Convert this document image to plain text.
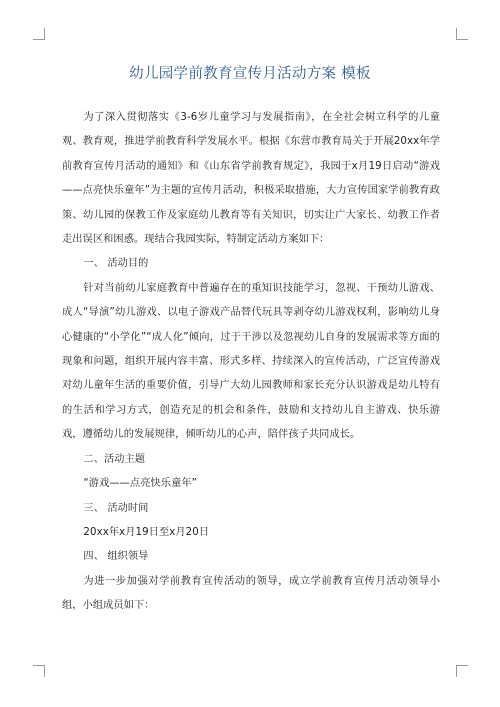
幼儿园学前教育宣传月活动方案 模板

为了深入贯彻落实《3-6岁儿童学习与发展指南》，在全社会树立科学的儿童观、教育观，推进学前教育科学发展水平。根据《东营市教育局关于开展20xx年学前教育宣传月活动的通知》和《山东省学前教育规定》，我园于x月19日启动“游戏——点亮快乐童年”为主题的宣传月活动，积极采取措施，大力宣传国家学前教育政策、幼儿园的保教工作及家庭幼儿教育等有关知识，切实让广大家长、幼教工作者走出误区和困惑。现结合我园实际，特制定活动方案如下：

一、 活动目的

针对当前幼儿家庭教育中普遍存在的重知识技能学习，忽视、干预幼儿游戏、成人“导演”幼儿游戏、以电子游戏产品替代玩具等剥夺幼儿游戏权利，影响幼儿身心健康的“小学化”“成人化”倾向，过于干涉以及忽视幼儿自身的发展需求等方面的现象和问题，组织开展内容丰富、形式多样、持续深入的宣传活动，广泛宣传游戏对幼儿童年生活的重要价值，引导广大幼儿园教师和家长充分认识游戏是幼儿特有的生活和学习方式，创造充足的机会和条件，鼓励和支持幼儿自主游戏、快乐游戏，遵循幼儿的发展规律，倾听幼儿的心声，陪伴孩子共同成长。

二、活动主题

“游戏——点亮快乐童年”

三、 活动时间

20xx年x月19日至x月20日

四、 组织领导

为进一步加强对学前教育宣传活动的领导，成立学前教育宣传月活动领导小组，小组成员如下：
